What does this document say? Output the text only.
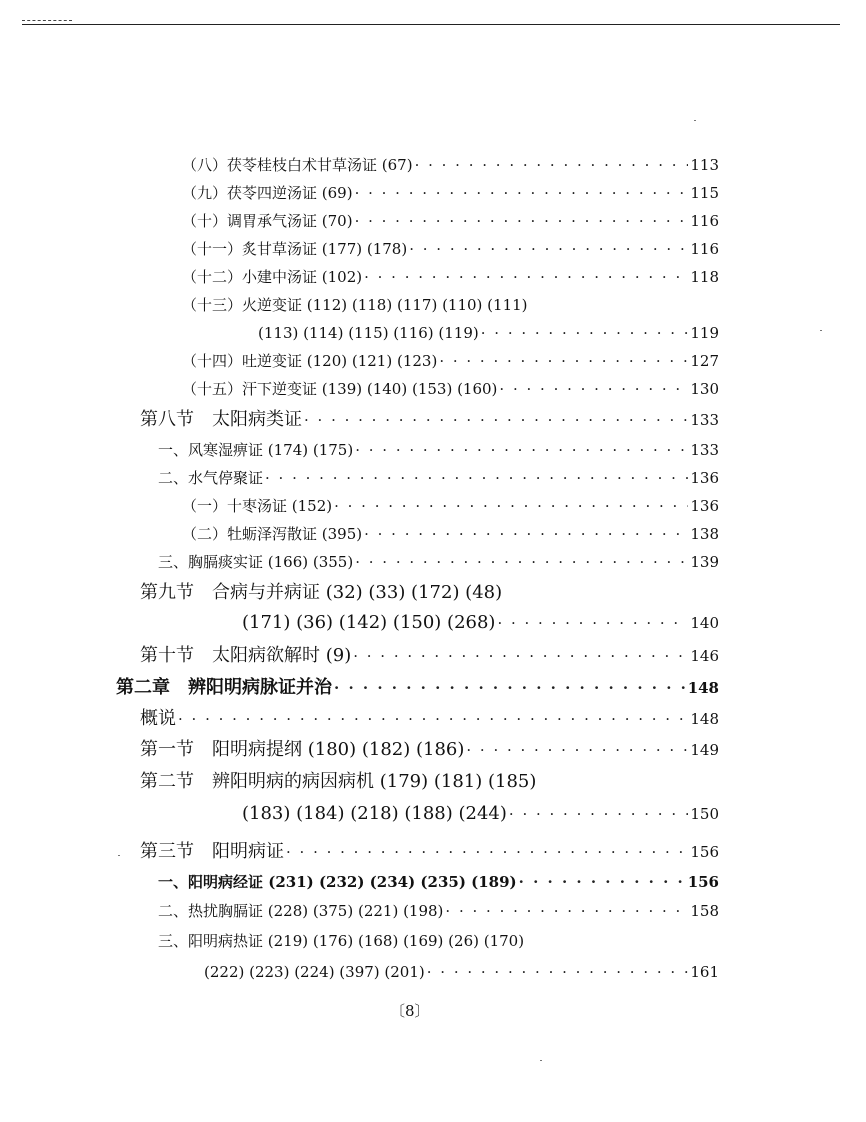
（八）茯苓桂枝白术甘草汤证 (67) · · ·	113
（九）茯苓四逆汤证 (69) · · ·	115
（十）调胃承气汤证 (70) · · ·	116
（十一）炙甘草汤证 (177) (178) · · ·	116
（十二）小建中汤证 (102) · · ·	118
（十三）火逆变证 (112) (118) (117) (110) (111)
(113) (114) (115) (116) (119) · · ·	119
（十四）吐逆变证 (120) (121) (123) · · ·	127
（十五）汗下逆变证 (139) (140) (153) (160) · · ·	130
第八节　太阳病类证 · · ·	133
一、风寒湿痹证 (174) (175) · · ·	133
二、水气停聚证 · · ·	136
（一）十枣汤证 (152) · · ·	136
（二）牡蛎泽泻散证 (395) · · ·	138
三、胸膈痰实证 (166) (355) · · ·	139
第九节　合病与并病证 (32) (33) (172) (48)
(171) (36) (142) (150) (268) · · ·	140
第十节　太阳病欲解时 (9) · · ·	146
第二章　辨阳明病脉证并治 · · ·	148
概说 · · ·	148
第一节　阳明病提纲 (180) (182) (186) · · ·	149
第二节　辨阳明病的病因病机 (179) (181) (185)
(183) (184) (218) (188) (244) · · ·	150
第三节　阳明病证 · · ·	156
一、阳明病经证 (231) (232) (234) (235) (189) · · ·	156
二、热扰胸膈证 (228) (375) (221) (198) · · ·	158
三、阳明病热证 (219) (176) (168) (169) (26) (170)
(222) (223) (224) (397) (201) · · ·	161
〔8〕
